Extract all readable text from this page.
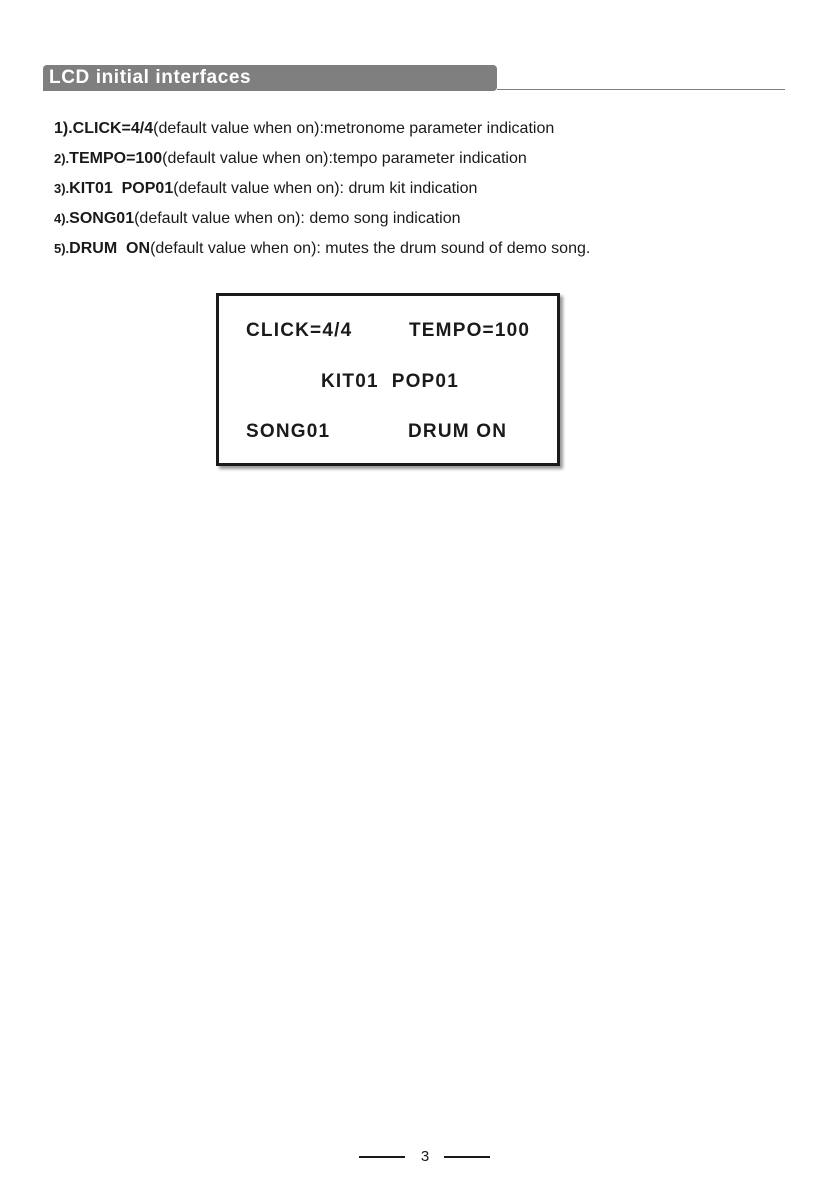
LCD initial interfaces
1).CLICK=4/4(default value when on):metronome parameter indication
2).TEMPO=100(default value when on):tempo parameter indication
3).KIT01  POP01(default value when on): drum kit indication
4).SONG01(default value when on): demo song indication
5).DRUM  ON(default value when on): mutes the drum sound of demo song.
CLICK=4/4	TEMPO=100
KIT01  POP01
SONG01	DRUM ON
3
